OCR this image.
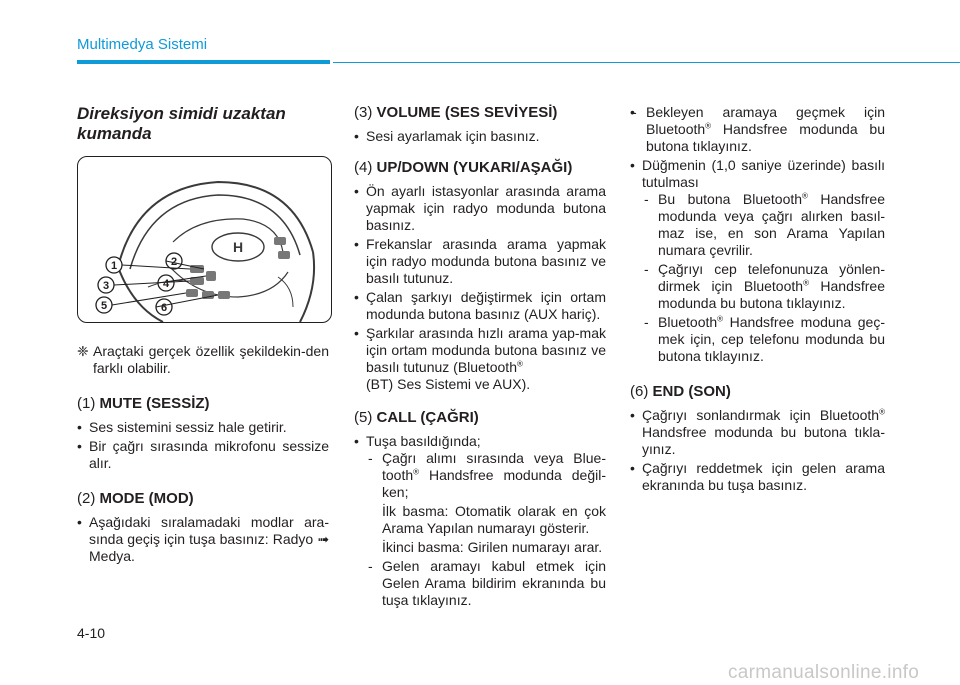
Multimedya Sistemi
Direksiyon simidi uzaktan
kumanda
H
1	2
3	4
5	6
❈ Araçtaki gerçek özellik şekildekin-den farklı olabilir.
(1) MUTE (SESSİZ)
• Ses sistemini sessiz hale getirir.
• Bir çağrı sırasında mikrofonu sessize alır.
(2) MODE (MOD)
• Aşağıdaki sıralamadaki modlar ara-sında geçiş için tuşa basınız: Radyo ➟ Medya.
(3) VOLUME (SES SEVİYESİ)
• Sesi ayarlamak için basınız.
(4) UP/DOWN (YUKARI/AŞAĞI)
• Ön ayarlı istasyonlar arasında arama yapmak için radyo modunda butona basınız.
• Frekanslar arasında arama yapmak için radyo modunda butona basınız ve basılı tutunuz.
• Çalan şarkıyı değiştirmek için ortam modunda butona basınız (AUX hariç).
• Şarkılar arasında hızlı arama yap-mak için ortam modunda butona basınız ve basılı tutunuz (Bluetooth®
(BT) Ses Sistemi ve AUX).
(5) CALL (ÇAĞRI)
• Tuşa basıldığında;
- Çağrı alımı sırasında veya Blue-tooth® Handsfree modunda değil-ken;
İlk basma: Otomatik olarak en çok Arama Yapılan numarayı gösterir.
İkinci basma: Girilen numarayı arar.
- Gelen aramayı kabul etmek için Gelen Arama bildirim ekranında bu tuşa tıklayınız.
- • Bekleyen aramaya geçmek için Bluetooth® Handsfree modunda bu butona tıklayınız.
• Düğmenin (1,0 saniye üzerinde) basılı tutulması
- Bu butona Bluetooth® Handsfree modunda veya çağrı alırken basıl-maz ise, en son Arama Yapılan numara çevrilir.
- Çağrıyı cep telefonunuza yönlen-dirmek için Bluetooth® Handsfree modunda bu butona tıklayınız.
- Bluetooth® Handsfree moduna geç-mek için, cep telefonu modunda bu butona tıklayınız.
(6) END (SON)
• Çağrıyı sonlandırmak için Bluetooth® Handsfree modunda bu butona tıkla-yınız.
• Çağrıyı reddetmek için gelen arama ekranında bu tuşa basınız.
4-10
carmanualsonline.info
